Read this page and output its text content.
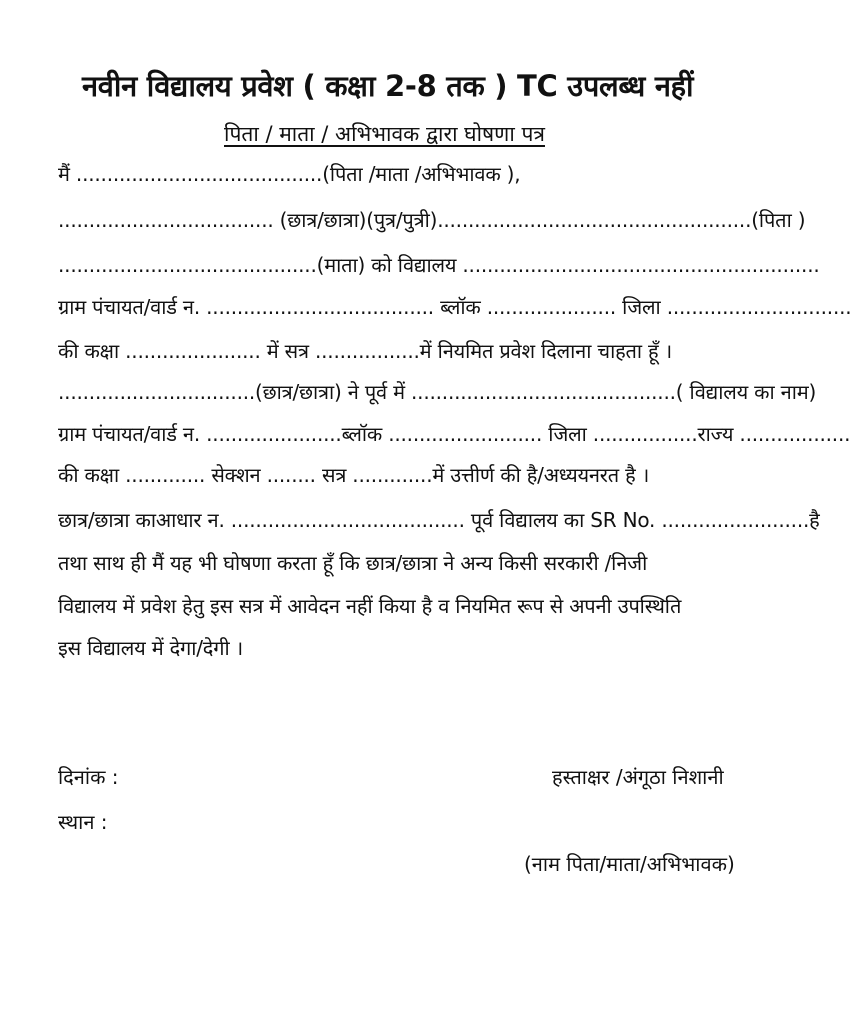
नवीन विद्यालय प्रवेश ( कक्षा 2-8 तक ) TC उपलब्ध नहीं
पिता / माता / अभिभावक द्वारा घोषणा पत्र
मैं ........................................(पिता /माता /अभिभावक ),
................................... (छात्र/छात्रा)(पुत्र/पुत्री)...................................................(पिता )
..........................................(माता) को विद्यालय ..........................................................
ग्राम पंचायत/वार्ड न. ..................................... ब्लॉक ..................... जिला ..............................
की कक्षा ...................... में सत्र .................में नियमित प्रवेश दिलाना चाहता हूँ ।
................................(छात्र/छात्रा) ने पूर्व में ...........................................( विद्यालय का नाम)
ग्राम पंचायत/वार्ड न. ......................ब्लॉक ......................... जिला .................राज्य ..................
की कक्षा ............. सेक्शन ........ सत्र .............में उत्तीर्ण की है/अध्ययनरत है ।
छात्र/छात्रा काआधार न. ...................................... पूर्व विद्यालय का SR No. ........................है
तथा साथ ही मैं यह भी घोषणा करता हूँ कि छात्र/छात्रा ने अन्य किसी सरकारी /निजी
विद्यालय में प्रवेश हेतु इस सत्र में आवेदन नहीं किया है व नियमित रूप से अपनी उपस्थिति
इस विद्यालय में देगा/देगी ।
दिनांक :
स्थान :
हस्ताक्षर /अंगूठा निशानी
(नाम पिता/माता/अभिभावक)
